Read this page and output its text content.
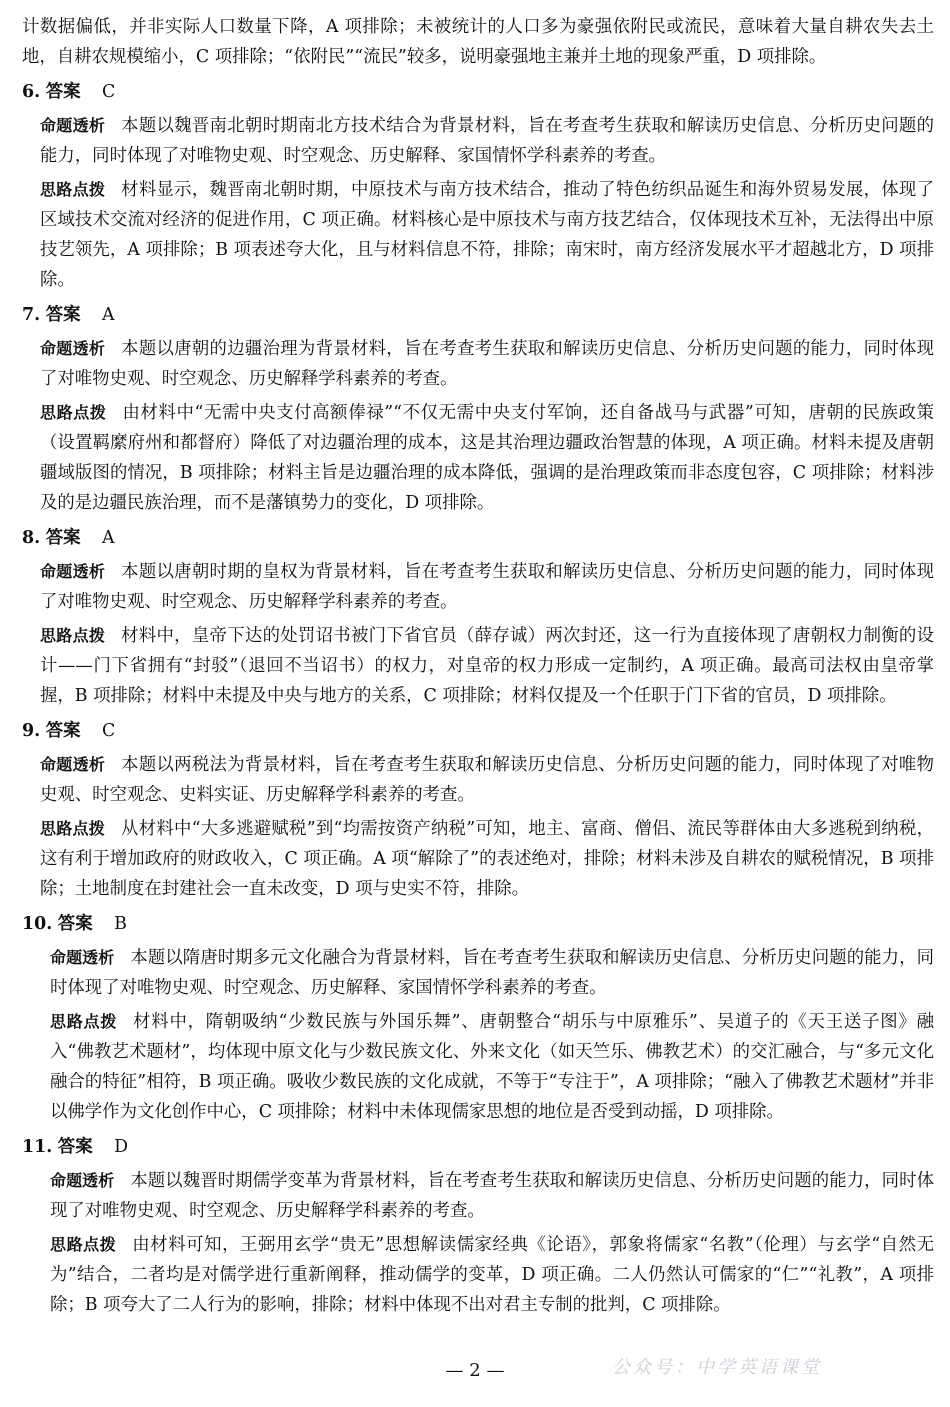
计数据偏低，并非实际人口数量下降，A 项排除；未被统计的人口多为豪强依附民或流民，意味着大量自耕农失去土地，自耕农规模缩小，C 项排除；“依附民”“流民”较多，说明豪强地主兼并土地的现象严重，D 项排除。

6. 答案 C

命题透析 本题以魏晋南北朝时期南北方技术结合为背景材料，旨在考查考生获取和解读历史信息、分析历史问题的能力，同时体现了对唯物史观、时空观念、历史解释、家国情怀学科素养的考查。

思路点拨 材料显示，魏晋南北朝时期，中原技术与南方技术结合，推动了特色纺织品诞生和海外贸易发展，体现了区域技术交流对经济的促进作用，C 项正确。材料核心是中原技术与南方技艺结合，仅体现技术互补，无法得出中原技艺领先，A 项排除；B 项表述夸大化，且与材料信息不符，排除；南宋时，南方经济发展水平才超越北方，D 项排除。

7. 答案 A

命题透析 本题以唐朝的边疆治理为背景材料，旨在考查考生获取和解读历史信息、分析历史问题的能力，同时体现了对唯物史观、时空观念、历史解释学科素养的考查。

思路点拨 由材料中“无需中央支付高额俸禄”“不仅无需中央支付军饷，还自备战马与武器”可知，唐朝的民族政策（设置羁縻府州和都督府）降低了对边疆治理的成本，这是其治理边疆政治智慧的体现，A 项正确。材料未提及唐朝疆域版图的情况，B 项排除；材料主旨是边疆治理的成本降低，强调的是治理政策而非态度包容，C 项排除；材料涉及的是边疆民族治理，而不是藩镇势力的变化，D 项排除。

8. 答案 A

命题透析 本题以唐朝时期的皇权为背景材料，旨在考查考生获取和解读历史信息、分析历史问题的能力，同时体现了对唯物史观、时空观念、历史解释学科素养的考查。

思路点拨 材料中，皇帝下达的处罚诏书被门下省官员（薛存诚）两次封还，这一行为直接体现了唐朝权力制衡的设计——门下省拥有“封驳”（退回不当诏书）的权力，对皇帝的权力形成一定制约，A 项正确。最高司法权由皇帝掌握，B 项排除；材料中未提及中央与地方的关系，C 项排除；材料仅提及一个任职于门下省的官员，D 项排除。

9. 答案 C

命题透析 本题以两税法为背景材料，旨在考查考生获取和解读历史信息、分析历史问题的能力，同时体现了对唯物史观、时空观念、史料实证、历史解释学科素养的考查。

思路点拨 从材料中“大多逃避赋税”到“均需按资产纳税”可知，地主、富商、僧侣、流民等群体由大多逃税到纳税，这有利于增加政府的财政收入，C 项正确。A 项“解除了”的表述绝对，排除；材料未涉及自耕农的赋税情况，B 项排除；土地制度在封建社会一直未改变，D 项与史实不符，排除。

10. 答案 B

命题透析 本题以隋唐时期多元文化融合为背景材料，旨在考查考生获取和解读历史信息、分析历史问题的能力，同时体现了对唯物史观、时空观念、历史解释、家国情怀学科素养的考查。

思路点拨 材料中，隋朝吸纳“少数民族与外国乐舞”、唐朝整合“胡乐与中原雅乐”、吴道子的《天王送子图》融入“佛教艺术题材”，均体现中原文化与少数民族文化、外来文化（如天竺乐、佛教艺术）的交汇融合，与“多元文化融合的特征”相符，B 项正确。吸收少数民族的文化成就，不等于“专注于”，A 项排除；“融入了佛教艺术题材”并非以佛学作为文化创作中心，C 项排除；材料中未体现儒家思想的地位是否受到动摇，D 项排除。

11. 答案 D

命题透析 本题以魏晋时期儒学变革为背景材料，旨在考查考生获取和解读历史信息、分析历史问题的能力，同时体现了对唯物史观、时空观念、历史解释学科素养的考查。

思路点拨 由材料可知，王弼用玄学“贵无”思想解读儒家经典《论语》，郭象将儒家“名教”（伦理）与玄学“自然无为”结合，二者均是对儒学进行重新阐释，推动儒学的变革，D 项正确。二人仍然认可儒家的“仁”“礼教”，A 项排除；B 项夸大了二人行为的影响，排除；材料中体现不出对君主专制的批判，C 项排除。

— 2 —	公众号：中学英语课堂
